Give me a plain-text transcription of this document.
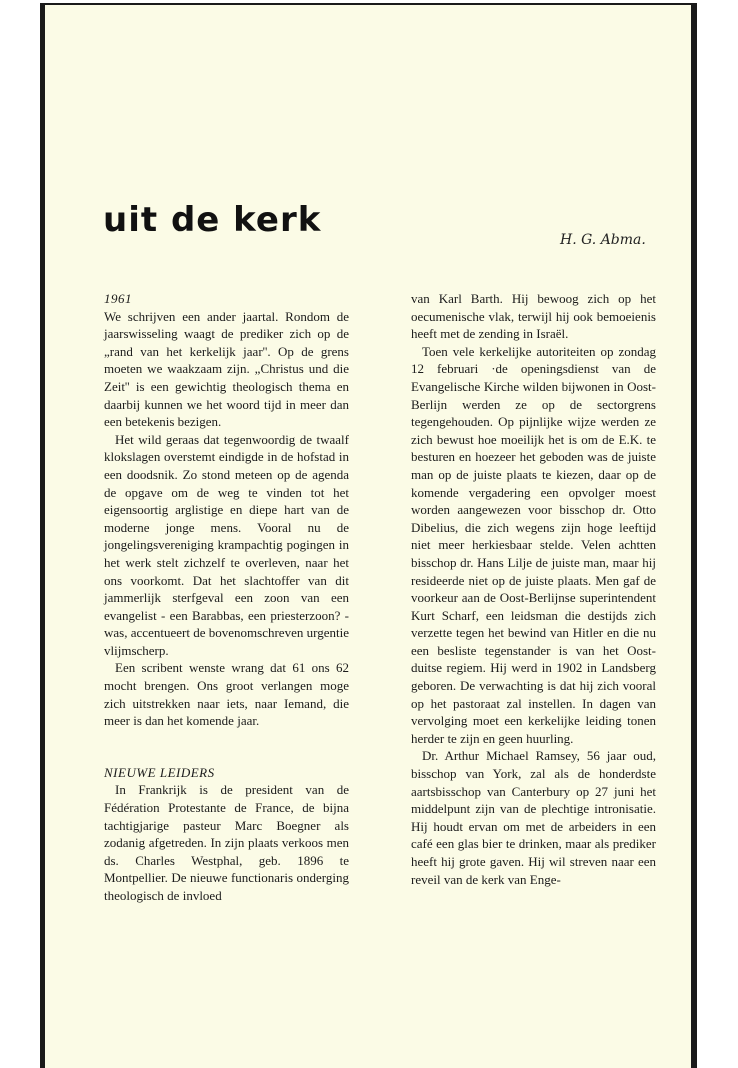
uit de kerk	H. G. Abma.

1961

We schrijven een ander jaartal. Rondom de jaarswisseling waagt de prediker zich op de „rand van het kerkelijk jaar''. Op de grens moeten we waakzaam zijn. „Christus und die Zeit'' is een gewichtig theologisch thema en daarbij kunnen we het woord tijd in meer dan een betekenis bezigen.

Het wild geraas dat tegenwoordig de twaalf klokslagen overstemt eindigde in de hofstad in een doodsnik. Zo stond meteen op de agenda de opgave om de weg te vinden tot het eigensoortig arglistige en diepe hart van de moderne jonge mens. Vooral nu de jongelingsvereniging krampachtig pogingen in het werk stelt zichzelf te overleven, naar het ons voorkomt. Dat het slachtoffer van dit jammerlijk sterfgeval een zoon van een evangelist - een Barabbas, een priesterzoon? - was, accentueert de bovenomschreven urgentie vlijmscherp.

Een scribent wenste wrang dat 61 ons 62 mocht brengen. Ons groot verlangen moge zich uitstrekken naar iets, naar Iemand, die meer is dan het komende jaar.

NIEUWE LEIDERS

In Frankrijk is de president van de Fédération Protestante de France, de bijna tachtigjarige pasteur Marc Boegner als zodanig afgetreden. In zijn plaats verkoos men ds. Charles Westphal, geb. 1896 te Montpellier. De nieuwe functionaris onderging theologisch de invloed

van Karl Barth. Hij bewoog zich op het oecumenische vlak, terwijl hij ook bemoeienis heeft met de zending in Israël.

Toen vele kerkelijke autoriteiten op zondag 12 februari ·de openingsdienst van de Evangelische Kirche wilden bijwonen in Oost-Berlijn werden ze op de sectorgrens tegengehouden. Op pijnlijke wijze werden ze zich bewust hoe moeilijk het is om de E.K. te besturen en hoezeer het geboden was de juiste man op de juiste plaats te kiezen, daar op de komende vergadering een opvolger moest worden aangewezen voor bisschop dr. Otto Dibelius, die zich wegens zijn hoge leeftijd niet meer herkiesbaar stelde. Velen achtten bisschop dr. Hans Lilje de juiste man, maar hij resideerde niet op de juiste plaats. Men gaf de voorkeur aan de Oost-Berlijnse superintendent Kurt Scharf, een leidsman die destijds zich verzette tegen het bewind van Hitler en die nu een besliste tegenstander is van het Oost-duitse regiem. Hij werd in 1902 in Landsberg geboren. De verwachting is dat hij zich vooral op het pastoraat zal instellen. In dagen van vervolging moet een kerkelijke leiding tonen herder te zijn en geen huurling.

Dr. Arthur Michael Ramsey, 56 jaar oud, bisschop van York, zal als de honderdste aartsbisschop van Canterbury op 27 juni het middelpunt zijn van de plechtige intronisatie. Hij houdt ervan om met de arbeiders in een café een glas bier te drinken, maar als prediker heeft hij grote gaven. Hij wil streven naar een reveil van de kerk van Enge-
